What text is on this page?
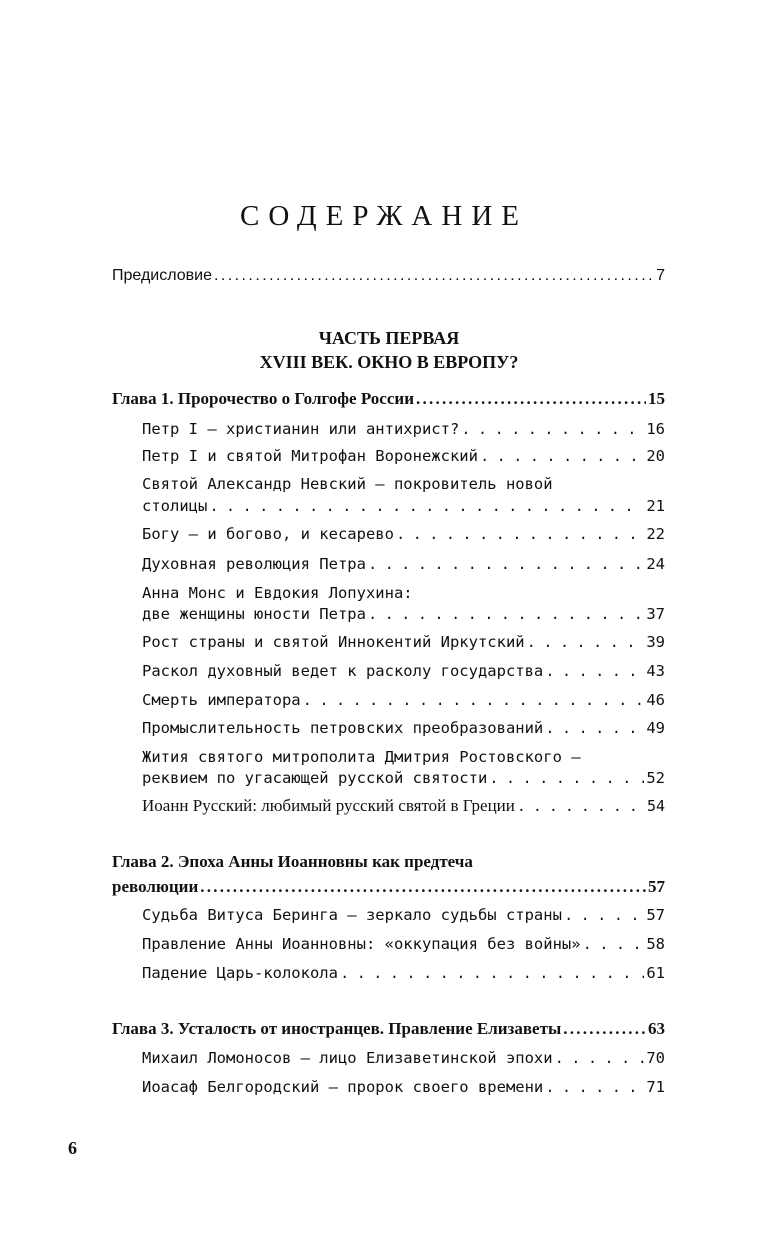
СОДЕРЖАНИЕ
Предисловие . . .	7
ЧАСТЬ ПЕРВАЯ
XVIII ВЕК. ОКНО В ЕВРОПУ?
Глава 1. Пророчество о Голгофе России . . .	15
Петр I — христианин или антихрист? . . .	16
Петр I и святой Митрофан Воронежский . . .	20
Святой Александр Невский — покровитель новой
столицы . . .	21
Богу — и богово, и кесарево . . .	22
Духовная революция Петра . . .	24
Анна Монс и Евдокия Лопухина:
две женщины юности Петра . . .	37
Рост страны и святой Иннокентий Иркутский . . .	39
Раскол духовный ведет к расколу государства . . .	43
Смерть императора . . .	46
Промыслительность петровских преобразований . . .	49
Жития святого митрополита Дмитрия Ростовского —
реквием по угасающей русской святости . . .	52
Иоанн Русский: любимый русский святой в Греции . . .	54
Глава 2. Эпоха Анны Иоанновны как предтеча
революции . . .	57
Судьба Витуса Беринга — зеркало судьбы страны . . .	57
Правление Анны Иоанновны: «оккупация без войны» . . .	58
Падение Царь-колокола . . .	61
Глава 3. Усталость от иностранцев. Правление Елизаветы . . .	63
Михаил Ломоносов — лицо Елизаветинской эпохи . . .	70
Иоасаф Белгородский — пророк своего времени . . .	71
6
